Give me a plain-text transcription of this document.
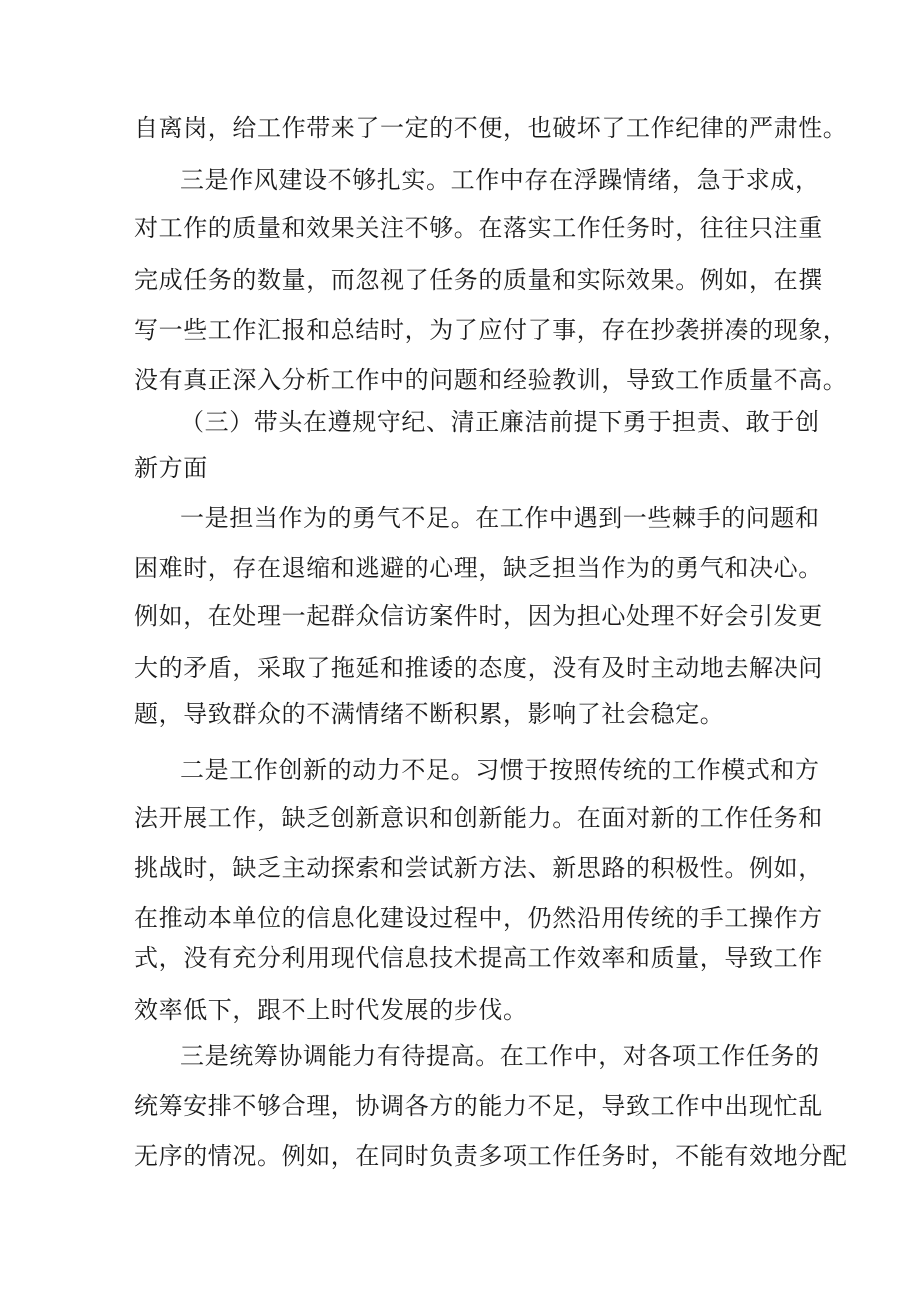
自离岗，给工作带来了一定的不便，也破坏了工作纪律的严肃性。
三是作风建设不够扎实。工作中存在浮躁情绪，急于求成，
对工作的质量和效果关注不够。在落实工作任务时，往往只注重
完成任务的数量，而忽视了任务的质量和实际效果。例如，在撰
写一些工作汇报和总结时，为了应付了事，存在抄袭拼凑的现象，
没有真正深入分析工作中的问题和经验教训，导致工作质量不高。
（三）带头在遵规守纪、清正廉洁前提下勇于担责、敢于创
新方面
一是担当作为的勇气不足。在工作中遇到一些棘手的问题和
困难时，存在退缩和逃避的心理，缺乏担当作为的勇气和决心。
例如，在处理一起群众信访案件时，因为担心处理不好会引发更
大的矛盾，采取了拖延和推诿的态度，没有及时主动地去解决问
题，导致群众的不满情绪不断积累，影响了社会稳定。
二是工作创新的动力不足。习惯于按照传统的工作模式和方
法开展工作，缺乏创新意识和创新能力。在面对新的工作任务和
挑战时，缺乏主动探索和尝试新方法、新思路的积极性。例如，
在推动本单位的信息化建设过程中，仍然沿用传统的手工操作方
式，没有充分利用现代信息技术提高工作效率和质量，导致工作
效率低下，跟不上时代发展的步伐。
三是统筹协调能力有待提高。在工作中，对各项工作任务的
统筹安排不够合理，协调各方的能力不足，导致工作中出现忙乱
无序的情况。例如，在同时负责多项工作任务时，不能有效地分配
